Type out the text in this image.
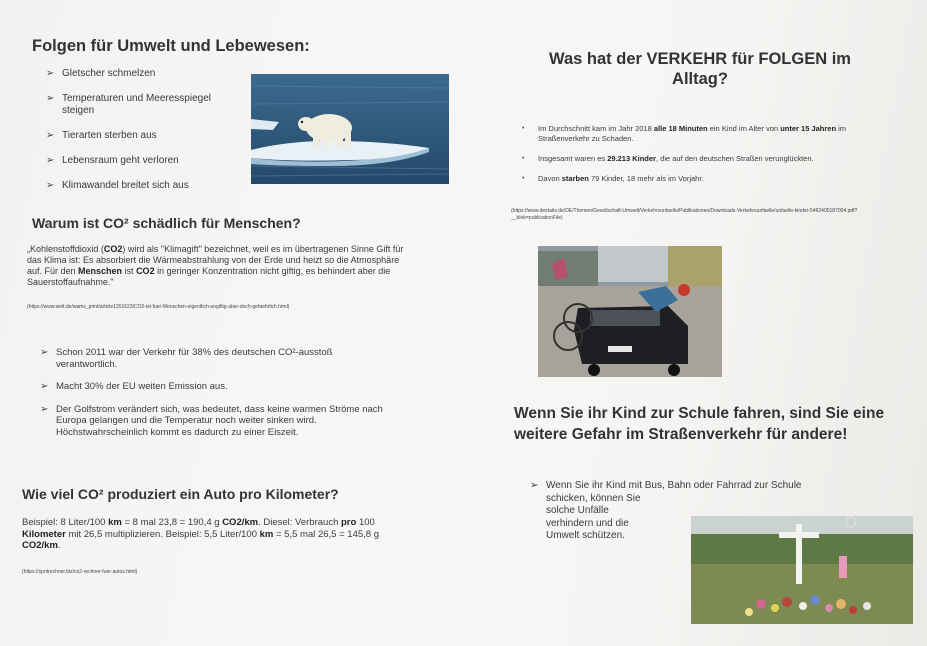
Folgen für Umwelt und Lebewesen:
➢ Gletscher schmelzen
➢ Temperaturen und Meeresspiegel steigen
➢ Tierarten sterben aus
➢ Lebensraum geht verloren
➢ Klimawandel breitet sich aus
Warum ist CO² schädlich für Menschen?

„Kohlenstoffdioxid (CO2) wird als "Klimagift" bezeichnet, weil es im übertragenen Sinne Gift für das Klima ist: Es absorbiert die Wärmeabstrahlung von der Erde und heizt so die Atmosphäre auf. Für den Menschen ist CO2 in geringer Konzentration nicht giftig, es behindert aber die Sauerstoffaufnahme."

(https://www.welt.de/wams_print/article1351623/CO2-ist-fuer-Menschen-eigentlich-ungiftig-aber-doch-gefaehrlich.html)
➢ Schon 2011 war der Verkehr für 38% des deutschen CO²-ausstoß verantwortlich.
➢ Macht 30% der EU weiten Emission aus.
➢ Der Golfstrom verändert sich, was bedeutet, dass keine warmen Ströme nach Europa gelangen und die Temperatur noch weiter sinken wird. Höchstwahrscheinlich kommt es dadurch zu einer Eiszeit.
Wie viel CO² produziert ein Auto pro Kilometer?

Beispiel: 8 Liter/100 km = 8 mal 23,8 = 190,4 g CO2/km. Diesel: Verbrauch pro 100 Kilometer mit 26,5 multiplizieren. Beispiel: 5,5 Liter/100 km = 5,5 mal 26,5 = 145,8 g CO2/km.

(https://spritrechner.biz/co2-rechner-fuer-autos.html)
Was hat der VERKEHR für FOLGEN im Alltag?
• Im Durchschnitt kam im Jahr 2018 alle 18 Minuten ein Kind im Alter von unter 15 Jahren im Straßenverkehr zu Schaden.
• Insgesamt waren es 29.213 Kinder, die auf den deutschen Straßen verunglückten.
• Davon starben 79 Kinder, 18 mehr als im Vorjahr.
(https://www.destatis.de/DE/Themen/Gesellschaft-Umwelt/Verkehrsunfaelle/Publikationen/Downloads-Verkehrsunfaelle/unfaelle-kinder-5462405187004.pdf?__blob=publicationFile)
Wenn Sie ihr Kind zur Schule fahren, sind Sie eine weitere Gefahr im Straßenverkehr für andere!
➢ Wenn Sie ihr Kind mit Bus, Bahn oder Fahrrad zur Schule
schicken, können Sie
solche Unfälle
verhindern und die
Umwelt schützen.
